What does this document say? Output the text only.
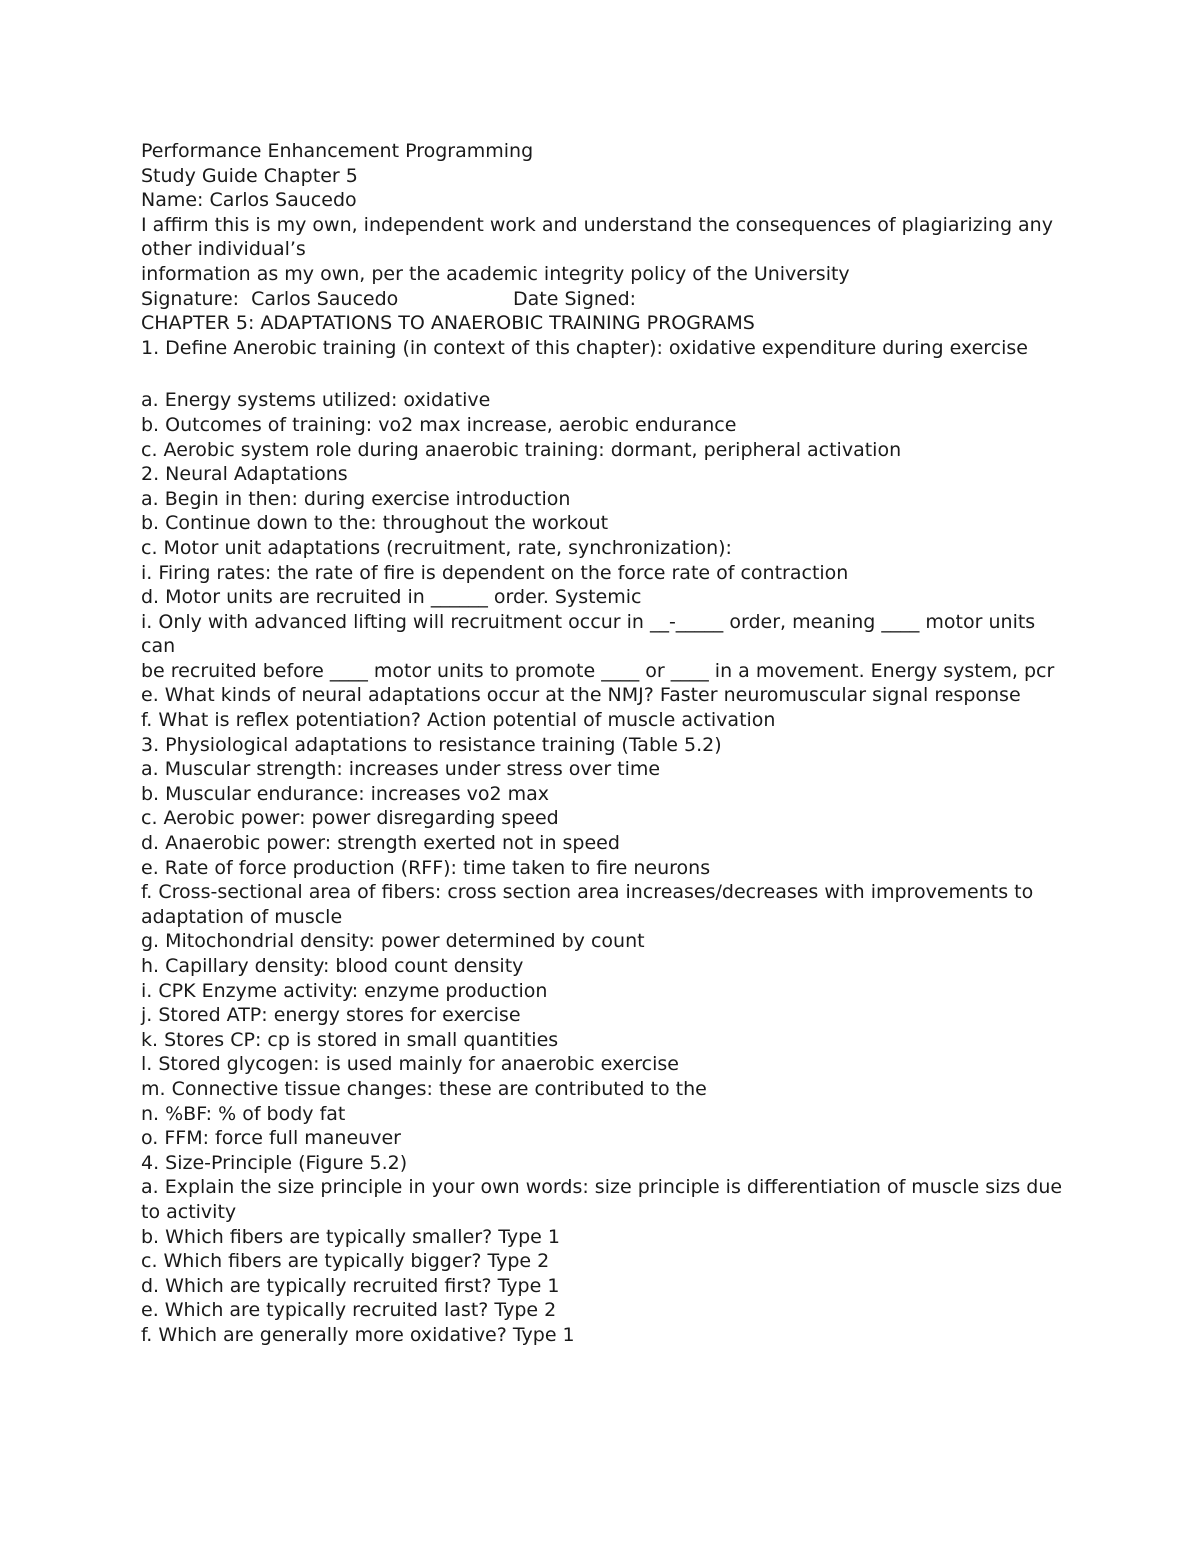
Performance Enhancement Programming

Study Guide Chapter 5

Name: Carlos Saucedo

I affirm this is my own, independent work and understand the consequences of plagiarizing any other individual’s

information as my own, per the academic integrity policy of the University

Signature:  Carlos Saucedo                   Date Signed:

CHAPTER 5: ADAPTATIONS TO ANAEROBIC TRAINING PROGRAMS

1. Define Anerobic training (in context of this chapter): oxidative expenditure during exercise

a. Energy systems utilized: oxidative

b. Outcomes of training: vo2 max increase, aerobic endurance

c. Aerobic system role during anaerobic training: dormant, peripheral activation

2. Neural Adaptations

a. Begin in then: during exercise introduction

b. Continue down to the: throughout the workout

c. Motor unit adaptations (recruitment, rate, synchronization):

i. Firing rates: the rate of fire is dependent on the force rate of contraction

d. Motor units are recruited in ______ order. Systemic

i. Only with advanced lifting will recruitment occur in __-_____ order, meaning ____ motor units can

be recruited before ____ motor units to promote ____ or ____ in a movement. Energy system, pcr

e. What kinds of neural adaptations occur at the NMJ? Faster neuromuscular signal response

f. What is reflex potentiation? Action potential of muscle activation

3. Physiological adaptations to resistance training (Table 5.2)

a. Muscular strength: increases under stress over time

b. Muscular endurance: increases vo2 max

c. Aerobic power: power disregarding speed

d. Anaerobic power: strength exerted not in speed

e. Rate of force production (RFF): time taken to fire neurons

f. Cross-sectional area of fibers: cross section area increases/decreases with improvements to adaptation of muscle

g. Mitochondrial density: power determined by count

h. Capillary density: blood count density

i. CPK Enzyme activity: enzyme production

j. Stored ATP: energy stores for exercise

k. Stores CP: cp is stored in small quantities

l. Stored glycogen: is used mainly for anaerobic exercise

m. Connective tissue changes: these are contributed to the

n. %BF: % of body fat

o. FFM: force full maneuver

4. Size-Principle (Figure 5.2)

a. Explain the size principle in your own words: size principle is differentiation of muscle sizs due to activity

b. Which fibers are typically smaller? Type 1

c. Which fibers are typically bigger? Type 2

d. Which are typically recruited first? Type 1

e. Which are typically recruited last? Type 2

f. Which are generally more oxidative? Type 1
